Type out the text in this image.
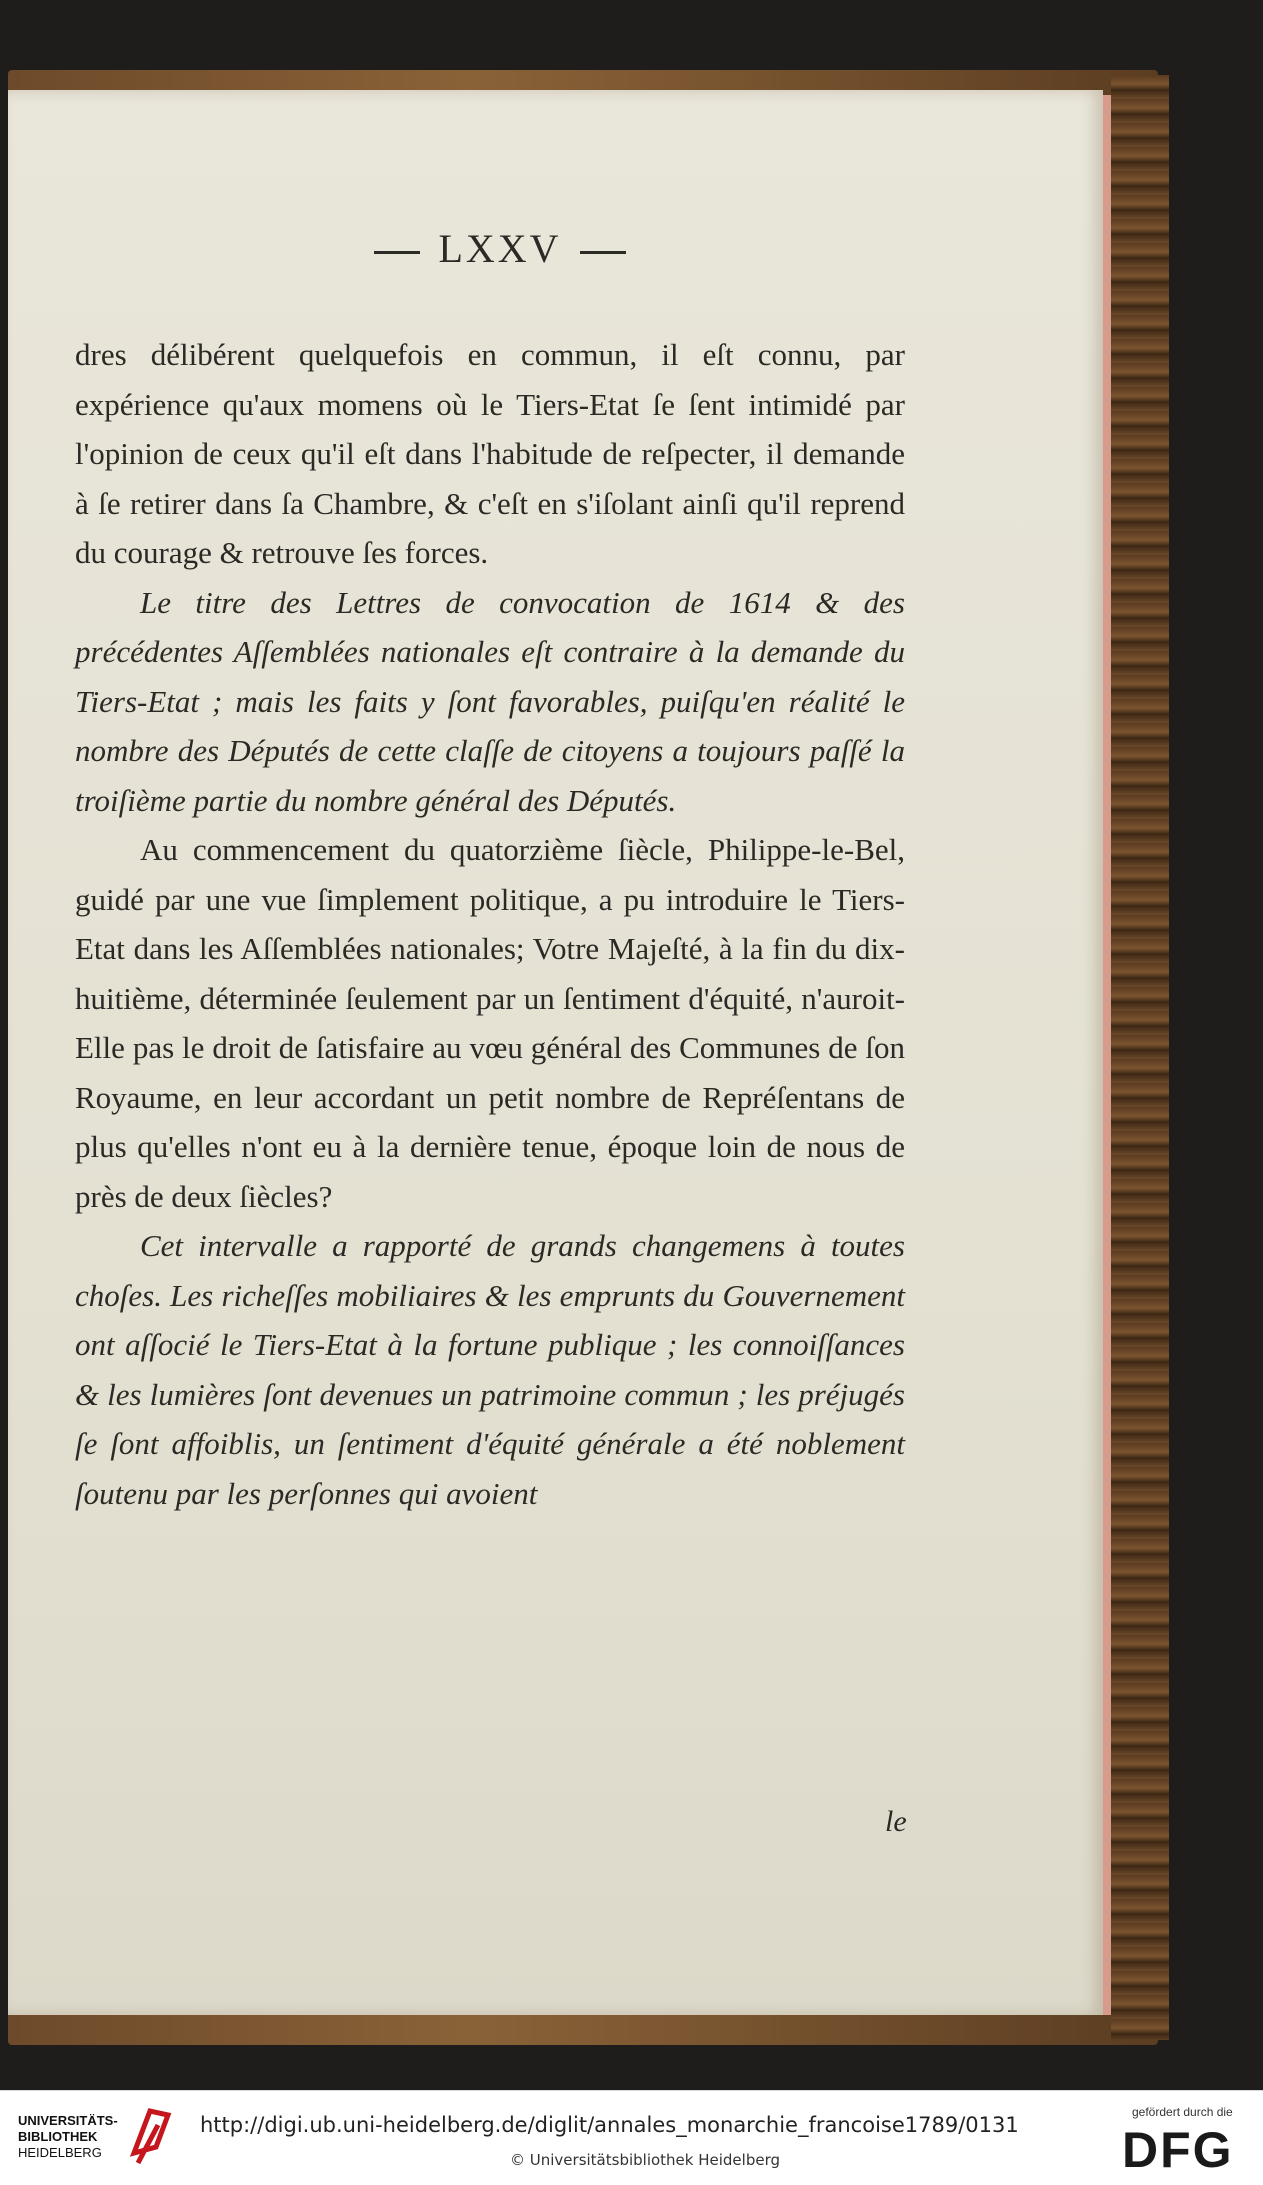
LXXV

dres délibérent quelquefois en commun, il eſt connu, par expérience qu'aux momens où le Tiers-Etat ſe ſent intimidé par l'opinion de ceux qu'il eſt dans l'habitude de reſpecter, il demande à ſe retirer dans ſa Chambre, & c'eſt en s'iſolant ainſi qu'il reprend du courage & retrouve ſes forces.

Le titre des Lettres de convocation de 1614 & des précédentes Aſſemblées nationales eſt contraire à la demande du Tiers-Etat ; mais les faits y ſont favorables, puiſqu'en réalité le nombre des Députés de cette claſſe de citoyens a toujours paſſé la troiſième partie du nombre général des Députés.

Au commencement du quatorzième ſiècle, Philippe-le-Bel, guidé par une vue ſimplement politique, a pu introduire le Tiers-Etat dans les Aſſemblées nationales; Votre Majeſté, à la fin du dix-huitième, déterminée ſeulement par un ſentiment d'équité, n'auroit-Elle pas le droit de ſatisfaire au vœu général des Communes de ſon Royaume, en leur accordant un petit nombre de Repréſentans de plus qu'elles n'ont eu à la dernière tenue, époque loin de nous de près de deux ſiècles?

Cet intervalle a rapporté de grands changemens à toutes choſes. Les richeſſes mobiliaires & les emprunts du Gouvernement ont aſſocié le Tiers-Etat à la fortune publique ; les connoiſſances & les lumières ſont devenues un patrimoine commun ; les préjugés ſe ſont affoiblis, un ſentiment d'équité générale a été noblement ſoutenu par les perſonnes qui avoient

le
UNIVERSITÄTS-
BIBLIOTHEK
HEIDELBERG
http://digi.ub.uni-heidelberg.de/diglit/annales_monarchie_francoise1789/0131
© Universitätsbibliothek Heidelberg
gefördert durch die
DFG
